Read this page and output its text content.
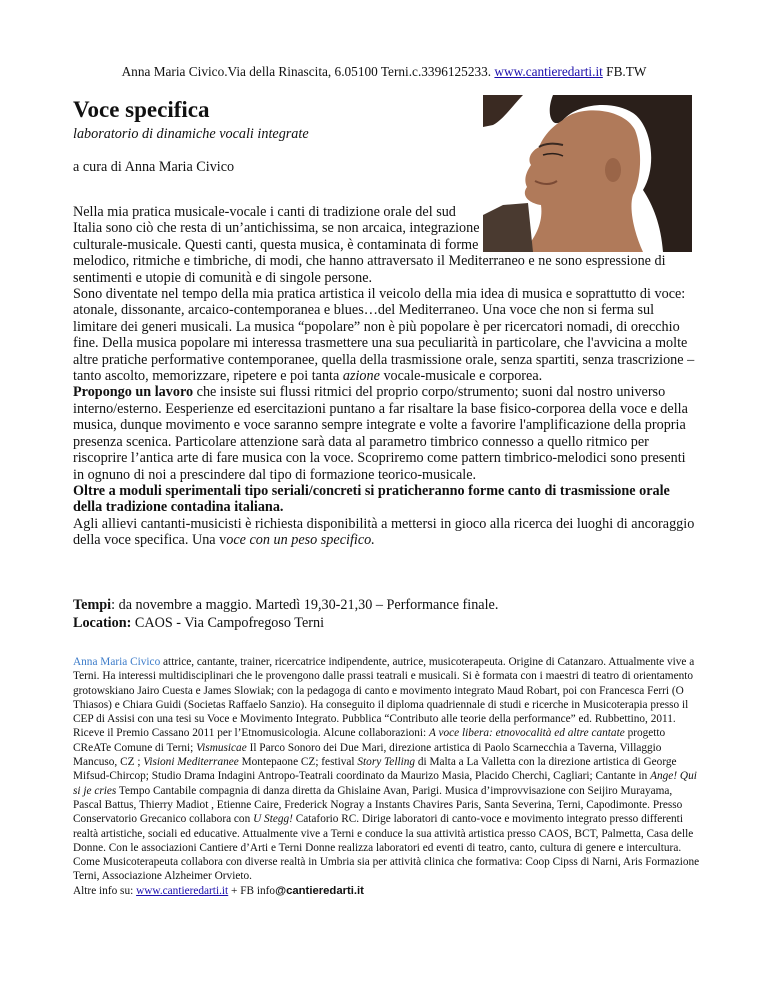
Anna Maria Civico.Via della Rinascita, 6.05100 Terni.c.3396125233. www.cantieredarti.it FB.TW
Voce specifica
laboratorio di dinamiche vocali integrate
a cura di Anna Maria Civico
Nella mia pratica musicale-vocale i canti di tradizione orale del sud Italia sono ciò che resta di un’antichissima, se non arcaica, integrazione culturale-musicale. Questi canti, questa musica, è contaminata di forme melodico, ritmiche e timbriche, di modi, che hanno attraversato il Mediterraneo e ne sono espressione di sentimenti e utopie di comunità e di singole persone.
Sono diventate nel tempo della mia pratica artistica il veicolo della mia idea di musica e soprattutto di voce: atonale, dissonante, arcaico-contemporanea e blues…del Mediterraneo. Una voce che non si ferma sul limitare dei generi musicali. La musica “popolare” non è più popolare è per ricercatori nomadi, di orecchio fine. Della musica popolare mi interessa trasmettere una sua peculiarità in particolare, che l'avvicina a molte altre pratiche performative contemporanee, quella della trasmissione orale, senza spartiti, senza trascrizione – tanto ascolto, memorizzare, ripetere e poi tanta azione vocale-musicale e corporea.
Propongo un lavoro che insiste sui flussi ritmici del proprio corpo/strumento; suoni dal nostro universo interno/esterno. Eesperienze ed esercitazioni puntano a far risaltare la base fisico-corporea della voce e della musica, dunque movimento e voce saranno sempre integrate e volte a favorire l'amplificazione della propria presenza scenica. Particolare attenzione sarà data al parametro timbrico connesso a quello ritmico per riscoprire l’antica arte di fare musica con la voce. Scopriremo come pattern timbrico-melodici sono presenti in ognuno di noi a prescindere dal tipo di formazione teorico-musicale.
Oltre a moduli sperimentali tipo seriali/concreti si praticheranno forme canto di trasmissione orale della tradizione contadina italiana.
Agli allievi cantanti-musicisti è richiesta disponibilità a mettersi in gioco alla ricerca dei luoghi di ancoraggio della voce specifica. Una voce con un peso specifico.
Tempi: da novembre a maggio. Martedì 19,30-21,30 – Performance finale.
Location: CAOS - Via Campofregoso Terni
Anna Maria Civico attrice, cantante, trainer, ricercatrice indipendente, autrice, musicoterapeuta. Origine di Catanzaro. Attualmente vive a Terni. Ha interessi multidisciplinari che le provengono dalle prassi teatrali e musicali. Si è formata con i maestri di teatro di orientamento grotowskiano Jairo Cuesta e James Slowiak; con la pedagoga di canto e movimento integrato Maud Robart, poi con Francesca Ferri (O Thiasos) e Chiara Guidi (Societas Raffaelo Sanzio). Ha conseguito il diploma quadriennale di studi e ricerche in Musicoterapia presso il CEP di Assisi con una tesi su Voce e Movimento Integrato. Pubblica “Contributo alle teorie della performance” ed. Rubbettino, 2011. Riceve il Premio Cassano 2011 per l’Etnomusicologia. Alcune collaborazioni: A voce libera: etnovocalità ed altre cantate progetto CReATe Comune di Terni; Vismusicae Il Parco Sonoro dei Due Mari, direzione artistica di Paolo Scarnecchia a Taverna, Villaggio Mancuso, CZ ; Visioni Mediterranee Montepaone CZ; festival Story Telling di Malta a La Valletta con la direzione artistica di George Mifsud-Chircop; Studio Drama Indagini Antropo-Teatrali coordinato da Maurizo Masia, Placido Cherchi, Cagliari; Cantante in Ange! Qui si je cries Tempo Cantabile compagnia di danza diretta da Ghislaine Avan, Parigi. Musica d’improvvisazione con Seijiro Murayama, Pascal Battus, Thierry Madiot , Etienne Caire, Frederick Nogray a Instants Chavires Paris, Santa Severina, Terni, Capodimonte. Presso Conservatorio Grecanico collabora con U Stegg! Cataforio RC. Dirige laboratori di canto-voce e movimento integrato presso differenti realtà artistiche, sociali ed educative. Attualmente vive a Terni e conduce la sua attività artistica presso CAOS, BCT, Palmetta, Casa delle Donne. Con le associazioni Cantiere d’Arti e Terni Donne realizza laboratori ed eventi di teatro, canto, cultura di genere e intercultura. Come Musicoterapeuta collabora con diverse realtà in Umbria sia per attività clinica che formativa: Coop Cipss di Narni, Aris Formazione Terni, Associazione Alzheimer Orvieto.
Altre info su: www.cantieredarti.it + FB info@cantieredarti.it
